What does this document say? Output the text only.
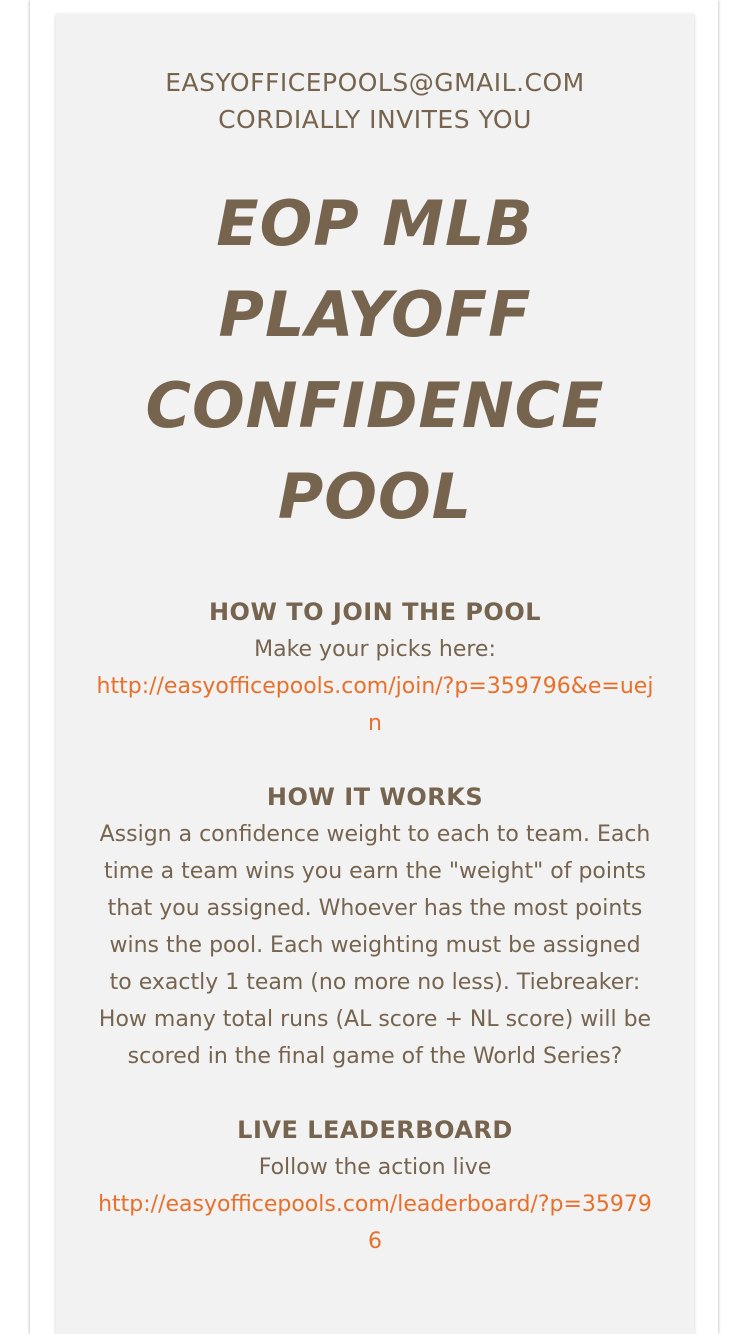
EASYOFFICEPOOLS@GMAIL.COM
CORDIALLY INVITES YOU
EOP MLB PLAYOFF CONFIDENCE POOL
HOW TO JOIN THE POOL
Make your picks here:
http://easyofficepools.com/join/?p=359796&e=uejn
HOW IT WORKS
Assign a confidence weight to each to team. Each time a team wins you earn the "weight" of points that you assigned. Whoever has the most points wins the pool. Each weighting must be assigned to exactly 1 team (no more no less). Tiebreaker: How many total runs (AL score + NL score) will be scored in the final game of the World Series?
LIVE LEADERBOARD
Follow the action live
http://easyofficepools.com/leaderboard/?p=359796
